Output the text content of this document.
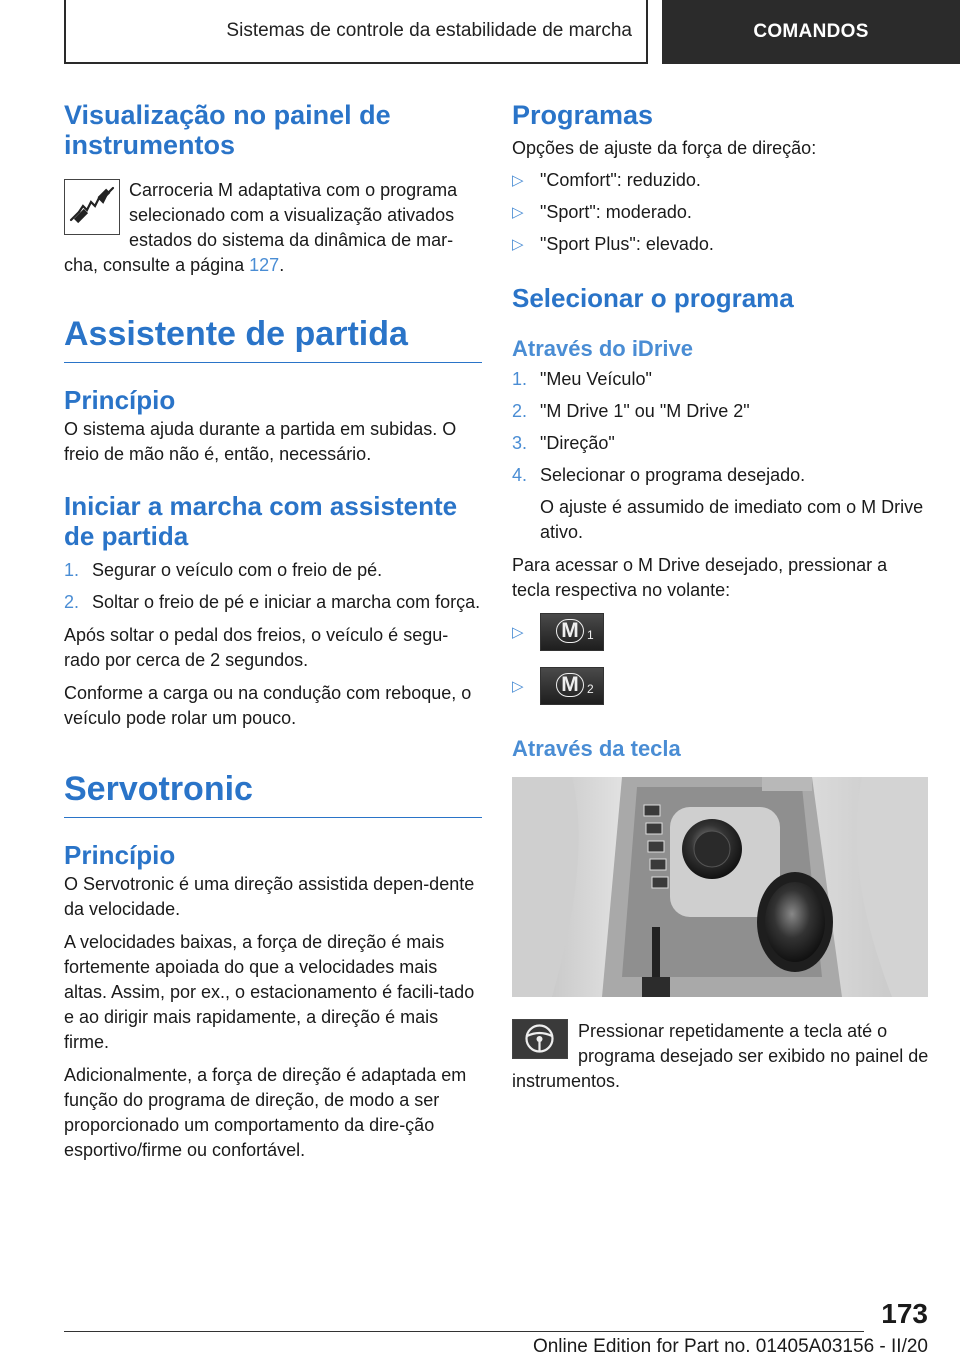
Sistemas de controle da estabilidade de marcha	COMANDOS
Visualização no painel de instrumentos

Carroceria M adaptativa com o programa selecionado com a visualização ativados estados do sistema da dinâmica de mar-cha, consulte a página 127.

Assistente de partida
Princípio

O sistema ajuda durante a partida em subidas. O freio de mão não é, então, necessário.

Iniciar a marcha com assistente de partida
1. Segurar o veículo com o freio de pé.
2. Soltar o freio de pé e iniciar a marcha com força.

Após soltar o pedal dos freios, o veículo é segu-rado por cerca de 2 segundos.

Conforme a carga ou na condução com reboque, o veículo pode rolar um pouco.

Servotronic
Princípio

O Servotronic é uma direção assistida depen-dente da velocidade.

A velocidades baixas, a força de direção é mais fortemente apoiada do que a velocidades mais altas. Assim, por ex., o estacionamento é facili-tado e ao dirigir mais rapidamente, a direção é mais firme.

Adicionalmente, a força de direção é adaptada em função do programa de direção, de modo a ser proporcionado um comportamento da dire-ção esportivo/firme ou confortável.

Programas

Opções de ajuste da força de direção:

▷ "Comfort": reduzido.
▷ "Sport": moderado.
▷ "Sport Plus": elevado.
Selecionar o programa
Através do iDrive
1. "Meu Veículo"
2. "M Drive 1" ou "M Drive 2"
3. "Direção"
4. Selecionar o programa desejado.

O ajuste é assumido de imediato com o M Drive ativo.

Para acessar o M Drive desejado, pressionar a tecla respectiva no volante:

▷	M 1
▷	M 2
Através da tecla

Pressionar repetidamente a tecla até o programa desejado ser exibido no painel de instrumentos.

173
Online Edition for Part no. 01405A03156 - II/20
